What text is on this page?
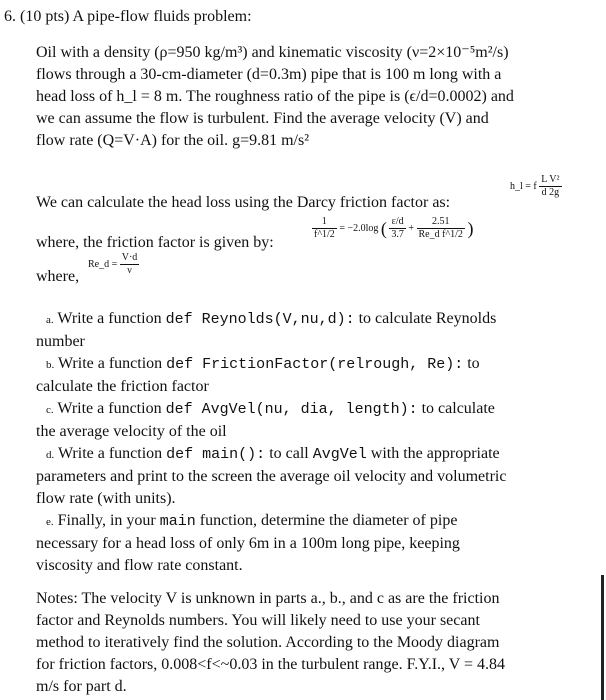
6. (10 pts) A pipe-flow fluids problem:
Oil with a density (ρ=950 kg/m³) and kinematic viscosity (ν=2×10⁻⁵m²/s)
flows through a 30-cm-diameter (d=0.3m) pipe that is 100 m long with a
head loss of h_l = 8 m. The roughness ratio of the pipe is (ϵ/d=0.0002) and
we can assume the flow is turbulent. Find the average velocity (V) and
flow rate (Q=V·A) for the oil. g=9.81 m/s²
We can calculate the head loss using the Darcy friction factor as:
h_l = f $\frac{\text{L V²}}{d 2g}$
where, the friction factor is given by:
$\frac{1}{f\^{}1/2} = -2.0\log$ ( $\frac{\varepsilon/d}{3.7} + \frac{2.51}{\text{Re\_d f\textasciicircum{}1/2}}$ )
where,
Re_d = $\frac{V\cdot d}{\nu}$
a. Write a function def Reynolds(V,nu,d): to calculate Reynolds
number
b. Write a function def FrictionFactor(relrough, Re): to
calculate the friction factor
c. Write a function def AvgVel(nu, dia, length): to calculate
the average velocity of the oil
d. Write a function def main(): to call AvgVel with the appropriate
parameters and print to the screen the average oil velocity and volumetric
flow rate (with units).
e. Finally, in your main function, determine the diameter of pipe
necessary for a head loss of only 6m in a 100m long pipe, keeping
viscosity and flow rate constant.
Notes: The velocity V is unknown in parts a., b., and c as are the friction
factor and Reynolds numbers. You will likely need to use your secant
method to iteratively find the solution. According to the Moody diagram
for friction factors, 0.008<f<~0.03 in the turbulent range. F.Y.I., V = 4.84
m/s for part d.
